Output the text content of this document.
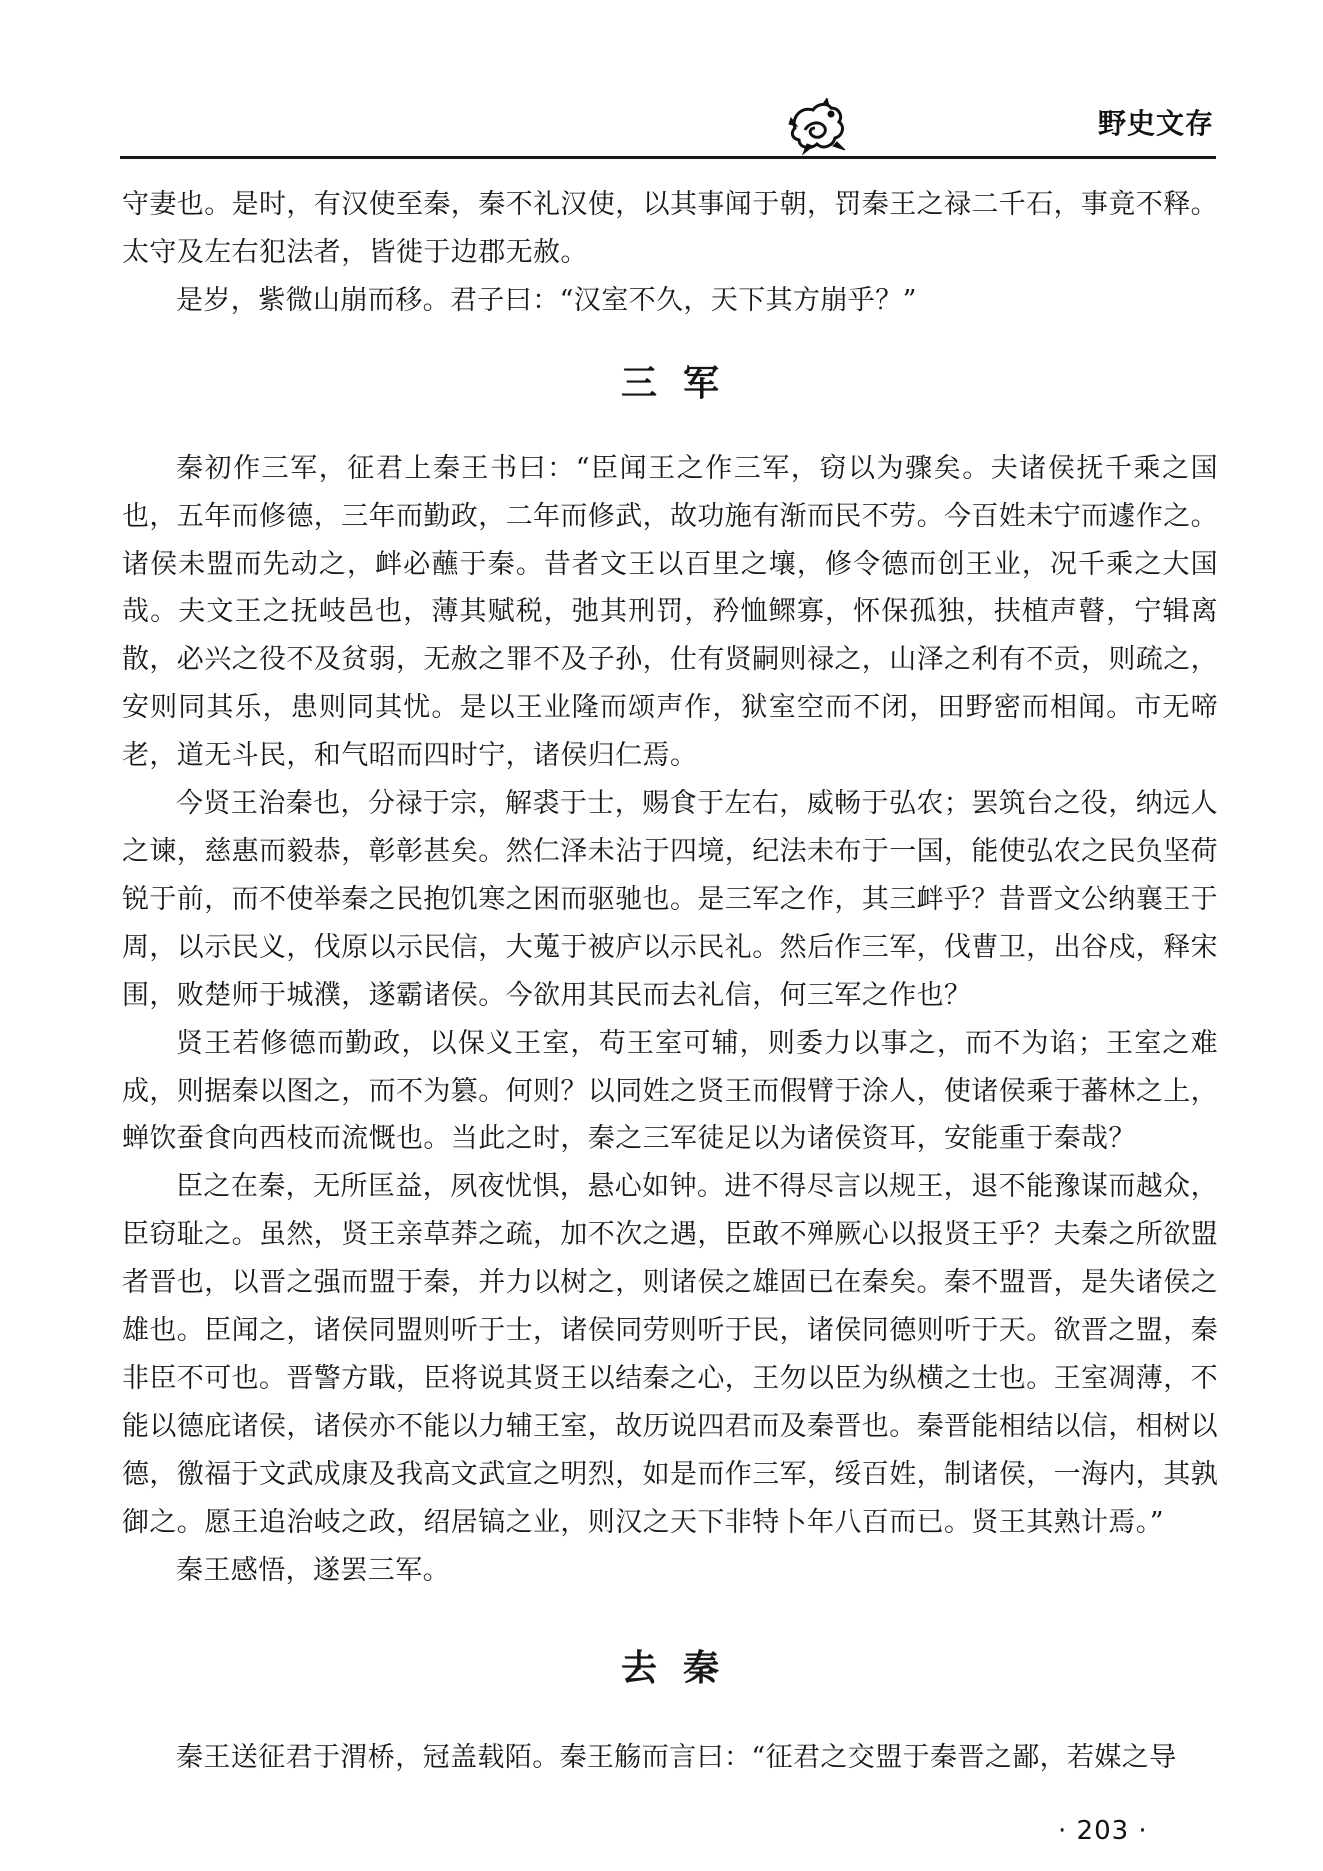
野史文存

守妻也。是时，有汉使至秦，秦不礼汉使，以其事闻于朝，罚秦王之禄二千石，事竟不释。太守及左右犯法者，皆徙于边郡无赦。

是岁，紫微山崩而移。君子曰：“汉室不久，天下其方崩乎？”

三军

秦初作三军，征君上秦王书曰：“臣闻王之作三军，窃以为骤矣。夫诸侯抚千乘之国也，五年而修德，三年而勤政，二年而修武，故功施有渐而民不劳。今百姓未宁而遽作之。诸侯未盟而先动之，衅必蘸于秦。昔者文王以百里之壤，修令德而创王业，况千乘之大国哉。夫文王之抚岐邑也，薄其赋税，弛其刑罚，矜恤鳏寡，怀保孤独，扶植声瞽，宁辑离散，必兴之役不及贫弱，无赦之罪不及子孙，仕有贤嗣则禄之，山泽之利有不贡，则疏之，安则同其乐，患则同其忧。是以王业隆而颂声作，狱室空而不闭，田野密而相闻。市无啼老，道无斗民，和气昭而四时宁，诸侯归仁焉。

今贤王治秦也，分禄于宗，解裘于士，赐食于左右，威畅于弘农；罢筑台之役，纳远人之谏，慈惠而毅恭，彰彰甚矣。然仁泽未沾于四境，纪法未布于一国，能使弘农之民负坚荷锐于前，而不使举秦之民抱饥寒之困而驱驰也。是三军之作，其三衅乎？昔晋文公纳襄王于周，以示民义，伐原以示民信，大蒐于被庐以示民礼。然后作三军，伐曹卫，出谷戍，释宋围，败楚师于城濮，遂霸诸侯。今欲用其民而去礼信，何三军之作也？

贤王若修德而勤政，以保义王室，苟王室可辅，则委力以事之，而不为谄；王室之难成，则据秦以图之，而不为篡。何则？以同姓之贤王而假臂于涂人，使诸侯乘于蕃林之上，蝉饮蚕食向西枝而流慨也。当此之时，秦之三军徒足以为诸侯资耳，安能重于秦哉？

臣之在秦，无所匡益，夙夜忧惧，悬心如钟。进不得尽言以规王，退不能豫谋而越众，臣窃耻之。虽然，贤王亲草莽之疏，加不次之遇，臣敢不殚厥心以报贤王乎？夫秦之所欲盟者晋也，以晋之强而盟于秦，并力以树之，则诸侯之雄固已在秦矣。秦不盟晋，是失诸侯之雄也。臣闻之，诸侯同盟则听于士，诸侯同劳则听于民，诸侯同德则听于天。欲晋之盟，秦非臣不可也。晋警方戢，臣将说其贤王以结秦之心，王勿以臣为纵横之士也。王室凋薄，不能以德庇诸侯，诸侯亦不能以力辅王室，故历说四君而及秦晋也。秦晋能相结以信，相树以德，徼福于文武成康及我高文武宣之明烈，如是而作三军，绥百姓，制诸侯，一海内，其孰御之。愿王追治岐之政，绍居镐之业，则汉之天下非特卜年八百而已。贤王其熟计焉。”

秦王感悟，遂罢三军。

去秦

秦王送征君于渭桥，冠盖载陌。秦王觞而言曰：“征君之交盟于秦晋之鄙，若媒之导

· 203 ·
